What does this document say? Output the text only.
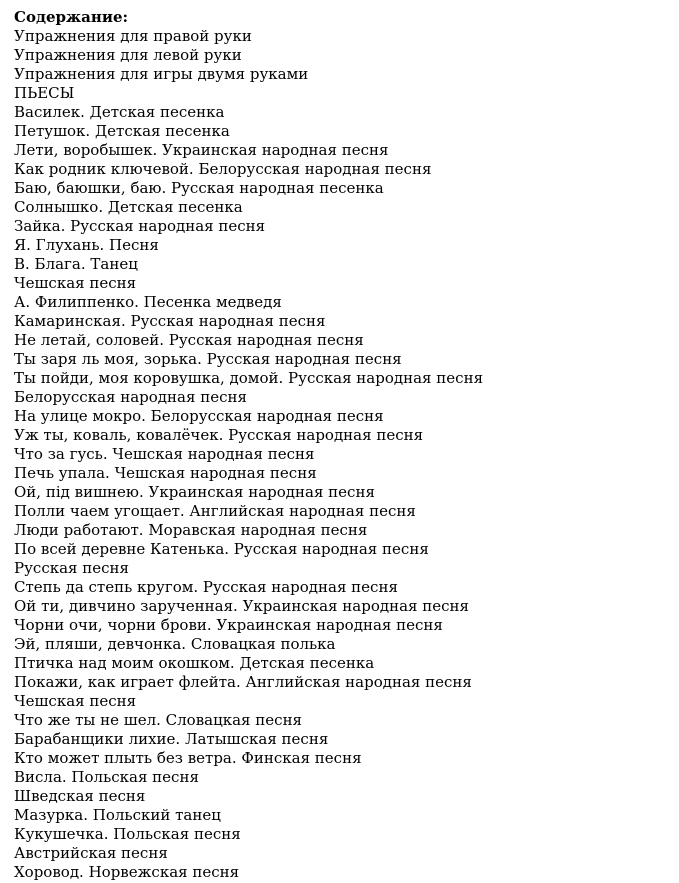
Содержание:
Упражнения для правой руки
Упражнения для левой руки
Упражнения для игры двумя руками
ПЬЕСЫ
Василек. Детская песенка
Петушок. Детская песенка
Лети, воробышек. Украинская народная песня
Как родник ключевой. Белорусская народная песня
Баю, баюшки, баю. Русская народная песенка
Солнышко. Детская песенка
Зайка. Русская народная песня
Я. Глухань. Песня
В. Блага. Танец
Чешская песня
А. Филиппенко. Песенка медведя
Камаринская. Русская народная песня
Не летай, соловей. Русская народная песня
Ты заря ль моя, зорька. Русская народная песня
Ты пойди, моя коровушка, домой. Русская народная песня
Белорусская народная песня
На улице мокро. Белорусская народная песня
Уж ты, коваль, ковалёчек. Русская народная песня
Что за гусь. Чешская народная песня
Печь упала. Чешская народная песня
Ой, пiд вишнею. Украинская народная песня
Полли чаем угощает. Английская народная песня
Люди работают. Моравская народная песня
По всей деревне Катенька. Русская народная песня
Русская песня
Степь да степь кругом. Русская народная песня
Ой ти, дивчино зарученная. Украинская народная песня
Чорни очи, чорни брови. Украинская народная песня
Эй, пляши, девчонка. Словацкая полька
Птичка над моим окошком. Детская песенка
Покажи, как играет флейта. Английская народная песня
Чешская песня
Что же ты не шел. Словацкая песня
Барабанщики лихие. Латышская песня
Кто может плыть без ветра. Финская песня
Висла. Польская песня
Шведская песня
Мазурка. Польский танец
Кукушечка. Польская песня
Австрийская песня
Хоровод. Норвежская песня
